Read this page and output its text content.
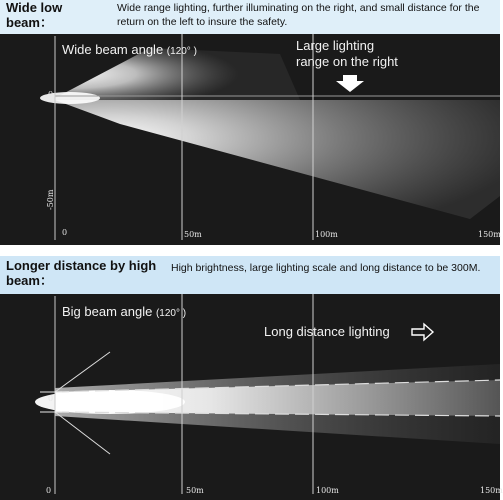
Wide low beam：
Wide range lighting, further illuminating on the right, and small distance for the return on the left to insure the safety.
Wide beam angle (120° )	Large lighting range on the right
0
-50m
0	50m	100m	150m
Longer distance by high beam：
High brightness, large lighting scale and long distance to be 300M.
Big beam angle (120° )
Long distance lighting
0
0	50m	100m	150m
